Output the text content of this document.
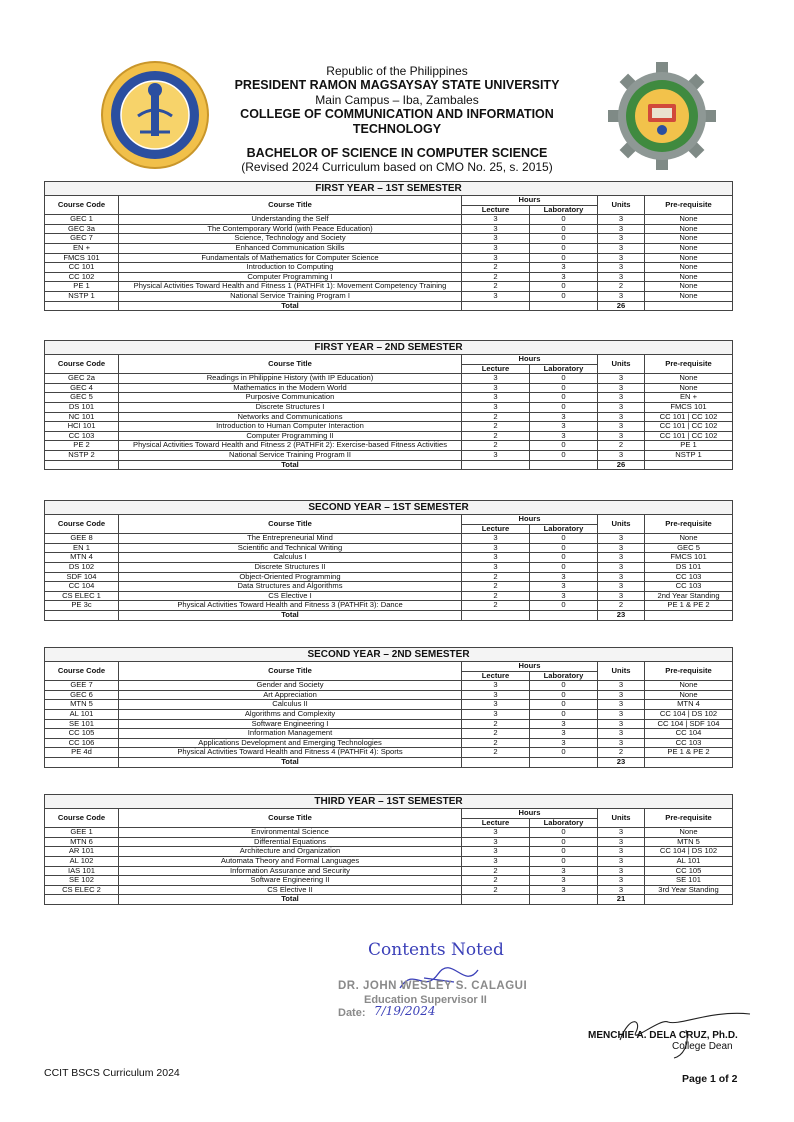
Republic of the Philippines
PRESIDENT RAMON MAGSAYSAY STATE UNIVERSITY
Main Campus – Iba, Zambales
COLLEGE OF COMMUNICATION AND INFORMATION TECHNOLOGY
BACHELOR OF SCIENCE IN COMPUTER SCIENCE
(Revised 2024 Curriculum based on CMO No. 25, s. 2015)
FIRST YEAR – 1ST SEMESTER					
Course Code	Course Title	Hours		Units	Pre-requisite
		Lecture	Laboratory		
GEC 1	Understanding the Self	3	0	3	None
GEC 3a	The Contemporary World (with Peace Education)	3	0	3	None
GEC 7	Science, Technology and Society	3	0	3	None
EN +	Enhanced Communication Skills	3	0	3	None
FMCS 101	Fundamentals of Mathematics for Computer Science	3	0	3	None
CC 101	Introduction to Computing	2	3	3	None
CC 102	Computer Programming I	2	3	3	None
PE 1	Physical Activities Toward Health and Fitness 1 (PATHFit 1): Movement Competency Training	2	0	2	None
NSTP 1	National Service Training Program I	3	0	3	None
	Total			26	
FIRST YEAR – 2ND SEMESTER					
Course Code	Course Title	Hours		Units	Pre-requisite
		Lecture	Laboratory		
GEC 2a	Readings in Philippine History (with IP Education)	3	0	3	None
GEC 4	Mathematics in the Modern World	3	0	3	None
GEC 5	Purposive Communication	3	0	3	EN +
DS 101	Discrete Structures I	3	0	3	FMCS 101
NC 101	Networks and Communications	2	3	3	CC 101 | CC 102
HCI 101	Introduction to Human Computer Interaction	2	3	3	CC 101 | CC 102
CC 103	Computer Programming II	2	3	3	CC 101 | CC 102
PE 2	Physical Activities Toward Health and Fitness 2 (PATHFit 2): Exercise-based Fitness Activities	2	0	2	PE 1
NSTP 2	National Service Training Program II	3	0	3	NSTP 1
	Total			26	
SECOND YEAR – 1ST SEMESTER					
Course Code	Course Title	Hours		Units	Pre-requisite
		Lecture	Laboratory		
GEE 8	The Entrepreneurial Mind	3	0	3	None
EN 1	Scientific and Technical Writing	3	0	3	GEC 5
MTN 4	Calculus I	3	0	3	FMCS 101
DS 102	Discrete Structures II	3	0	3	DS 101
SDF 104	Object-Oriented Programming	2	3	3	CC 103
CC 104	Data Structures and Algorithms	2	3	3	CC 103
CS ELEC 1	CS Elective I	2	3	3	2nd Year Standing
PE 3c	Physical Activities Toward Health and Fitness 3 (PATHFit 3): Dance	2	0	2	PE 1 & PE 2
	Total			23	
SECOND YEAR – 2ND SEMESTER					
Course Code	Course Title	Hours		Units	Pre-requisite
		Lecture	Laboratory		
GEE 7	Gender and Society	3	0	3	None
GEC 6	Art Appreciation	3	0	3	None
MTN 5	Calculus II	3	0	3	MTN 4
AL 101	Algorithms and Complexity	3	0	3	CC 104 | DS 102
SE 101	Software Engineering I	2	3	3	CC 104 | SDF 104
CC 105	Information Management	2	3	3	CC 104
CC 106	Applications Development and Emerging Technologies	2	3	3	CC 103
PE 4d	Physical Activities Toward Health and Fitness 4 (PATHFit 4): Sports	2	0	2	PE 1 & PE 2
	Total			23	
THIRD YEAR – 1ST SEMESTER					
Course Code	Course Title	Hours		Units	Pre-requisite
		Lecture	Laboratory		
GEE 1	Environmental Science	3	0	3	None
MTN 6	Differential Equations	3	0	3	MTN 5
AR 101	Architecture and Organization	3	0	3	CC 104 | DS 102
AL 102	Automata Theory and Formal Languages	3	0	3	AL 101
IAS 101	Information Assurance and Security	2	3	3	CC 105
SE 102	Software Engineering II	2	3	3	SE 101
CS ELEC 2	CS Elective II	2	3	3	3rd Year Standing
	Total			21	
Contents Noted
DR. JOHN WESLEY S. CALAGUI
Education Supervisor II
Date: 7/19/2024
MENCHIE A. DELA CRUZ, Ph.D.
College Dean
CCIT BSCS Curriculum 2024	Page 1 of 2
